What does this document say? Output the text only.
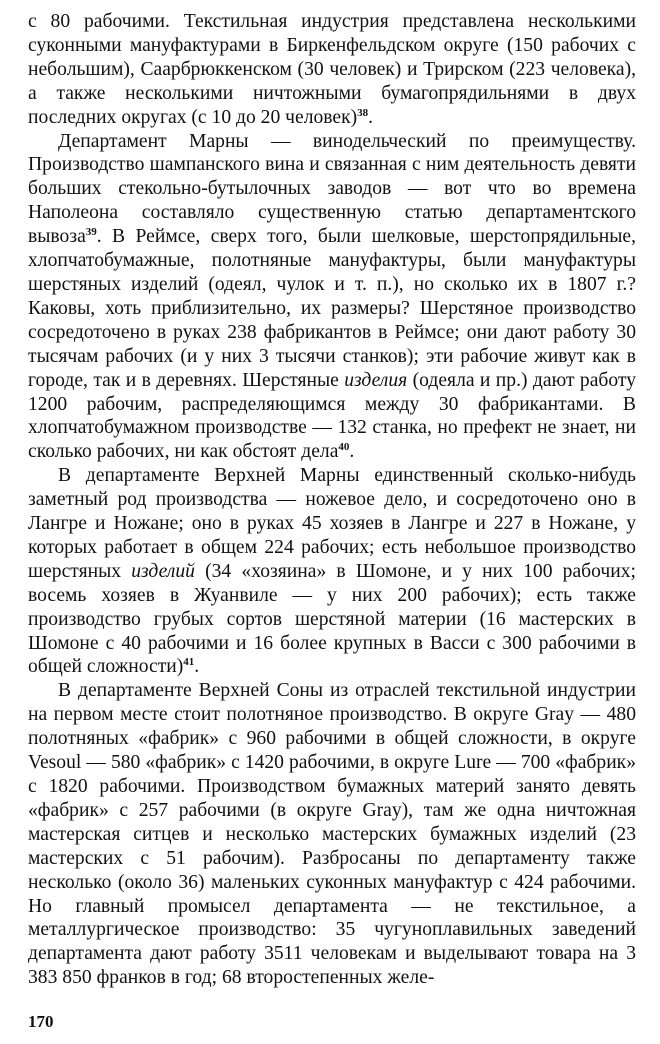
с 80 рабочими. Текстильная индустрия представлена несколькими суконными мануфактурами в Биркенфельдском округе (150 рабочих с небольшим), Саарбрюккенском (30 человек) и Трирском (223 человека), а также несколькими ничтожными бумагопрядильнями в двух последних округах (с 10 до 20 человек)$^{38}$.

Департамент Марны — винодельческий по преимуществу. Производство шампанского вина и связанная с ним деятельность девяти больших стекольно-бутылочных заводов — вот что во времена Наполеона составляло существенную статью департаментского вывоза$^{39}$. В Реймсе, сверх того, были шелковые, шерстопрядильные, хлопчатобумажные, полотняные мануфактуры, были мануфактуры шерстяных изделий (одеял, чулок и т. п.), но сколько их в 1807 г.? Каковы, хоть приблизительно, их размеры? Шерстяное производство сосредоточено в руках 238 фабрикантов в Реймсе; они дают работу 30 тысячам рабочих (и у них 3 тысячи станков); эти рабочие живут как в городе, так и в деревнях. Шерстяные изделия (одеяла и пр.) дают работу 1200 рабочим, распределяющимся между 30 фабрикантами. В хлопчатобумажном производстве — 132 станка, но префект не знает, ни сколько рабочих, ни как обстоят дела$^{40}$.

В департаменте Верхней Марны единственный сколько-нибудь заметный род производства — ножевое дело, и сосредоточено оно в Лангре и Ножане; оно в руках 45 хозяев в Лангре и 227 в Ножане, у которых работает в общем 224 рабочих; есть небольшое производство шерстяных изделий (34 «хозяина» в Шомоне, и у них 100 рабочих; восемь хозяев в Жуанвиле — у них 200 рабочих); есть также производство грубых сортов шерстяной материи (16 мастерских в Шомоне с 40 рабочими и 16 более крупных в Васси с 300 рабочими в общей сложности)$^{41}$.

В департаменте Верхней Соны из отраслей текстильной индустрии на первом месте стоит полотняное производство. В округе Gray — 480 полотняных «фабрик» с 960 рабочими в общей сложности, в округе Vesoul — 580 «фабрик» с 1420 рабочими, в округе Lure — 700 «фабрик» с 1820 рабочими. Производством бумажных материй занято девять «фабрик» с 257 рабочими (в округе Gray), там же одна ничтожная мастерская ситцев и несколько мастерских бумажных изделий (23 мастерских с 51 рабочим). Разбросаны по департаменту также несколько (около 36) маленьких суконных мануфактур с 424 рабочими. Но главный промысел департамента — не текстильное, а металлургическое производство: 35 чугуноплавильных заведений департамента дают работу 3511 человекам и выделывают товара на 3 383 850 франков в год; 68 второстепенных желе-

170
